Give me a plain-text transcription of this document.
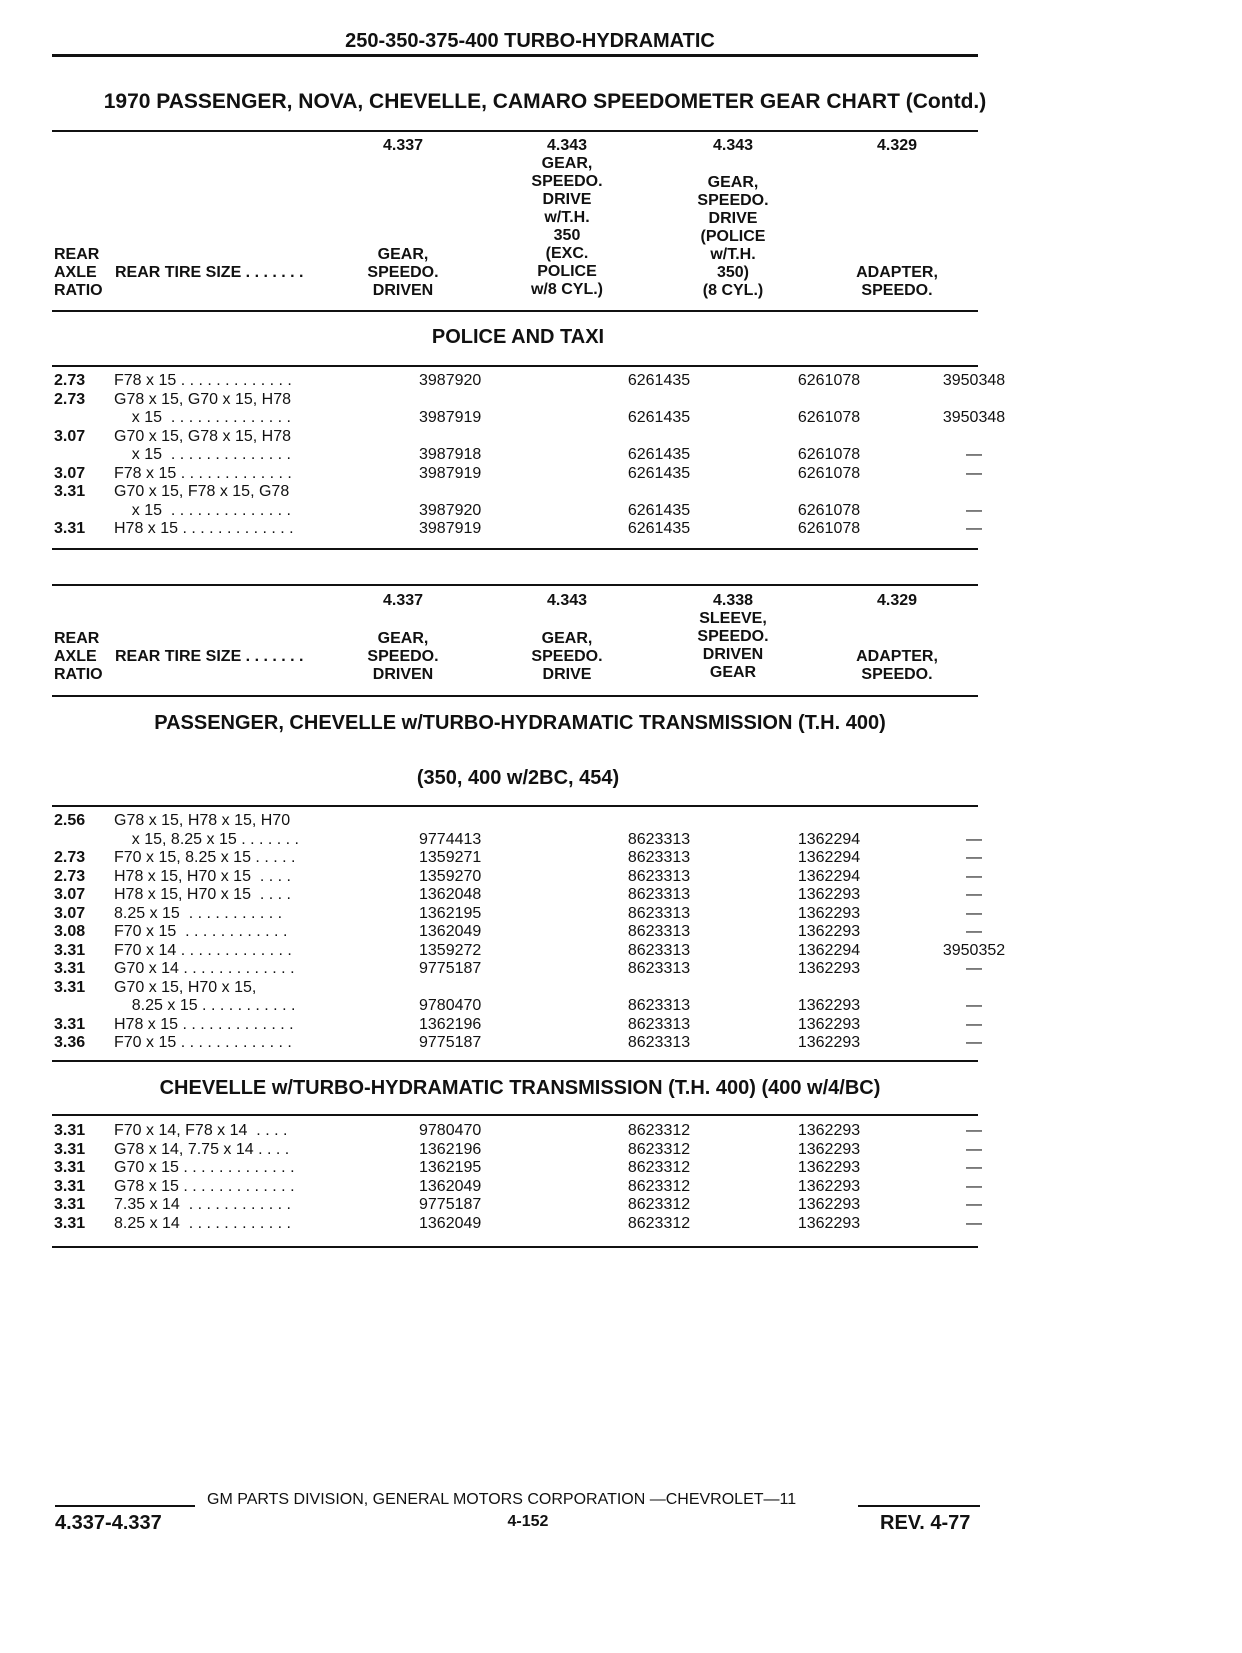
250-350-375-400 TURBO-HYDRAMATIC
1970 PASSENGER, NOVA, CHEVELLE, CAMARO SPEEDOMETER GEAR CHART (Contd.)
REAR
AXLE
RATIO
REAR TIRE SIZE . . . . . . .
4.337
GEAR,
SPEEDO.
DRIVEN
4.343
GEAR,
SPEEDO.
DRIVE
w/T.H.
350
(EXC.
POLICE
w/8 CYL.)
4.343
GEAR,
SPEEDO.
DRIVE
(POLICE
w/T.H.
350)
(8 CYL.)
4.329
ADAPTER,
SPEEDO.
POLICE AND TAXI
2.73	F78 x 15 . . . . . . . . . . . . .	3987920	6261435	6261078	3950348
2.73	G78 x 15, G70 x 15, H78				
	x 15  . . . . . . . . . . . . . .	3987919	6261435	6261078	3950348
3.07	G70 x 15, G78 x 15, H78				
	x 15  . . . . . . . . . . . . . .	3987918	6261435	6261078	—
3.07	F78 x 15 . . . . . . . . . . . . .	3987919	6261435	6261078	—
3.31	G70 x 15, F78 x 15, G78				
	x 15  . . . . . . . . . . . . . .	3987920	6261435	6261078	—
3.31	H78 x 15 . . . . . . . . . . . . .	3987919	6261435	6261078	—
REAR
AXLE
RATIO
REAR TIRE SIZE . . . . . . .
4.337
GEAR,
SPEEDO.
DRIVEN
4.343
GEAR,
SPEEDO.
DRIVE
4.338
SLEEVE,
SPEEDO.
DRIVEN
GEAR
4.329
ADAPTER,
SPEEDO.
PASSENGER, CHEVELLE w/TURBO-HYDRAMATIC TRANSMISSION (T.H. 400)
(350, 400 w/2BC, 454)
2.56	G78 x 15, H78 x 15, H70				
	x 15, 8.25 x 15 . . . . . . .	9774413	8623313	1362294	—
2.73	F70 x 15, 8.25 x 15 . . . . .	1359271	8623313	1362294	—
2.73	H78 x 15, H70 x 15  . . . .	1359270	8623313	1362294	—
3.07	H78 x 15, H70 x 15  . . . .	1362048	8623313	1362293	—
3.07	8.25 x 15  . . . . . . . . . . .	1362195	8623313	1362293	—
3.08	F70 x 15  . . . . . . . . . . . .	1362049	8623313	1362293	—
3.31	F70 x 14 . . . . . . . . . . . . .	1359272	8623313	1362294	3950352
3.31	G70 x 14 . . . . . . . . . . . . .	9775187	8623313	1362293	—
3.31	G70 x 15, H70 x 15,				
	8.25 x 15 . . . . . . . . . . .	9780470	8623313	1362293	—
3.31	H78 x 15 . . . . . . . . . . . . .	1362196	8623313	1362293	—
3.36	F70 x 15 . . . . . . . . . . . . .	9775187	8623313	1362293	—
CHEVELLE w/TURBO-HYDRAMATIC TRANSMISSION (T.H. 400) (400 w/4/BC)
3.31	F70 x 14, F78 x 14  . . . .	9780470	8623312	1362293	—
3.31	G78 x 14, 7.75 x 14 . . . .	1362196	8623312	1362293	—
3.31	G70 x 15 . . . . . . . . . . . . .	1362195	8623312	1362293	—
3.31	G78 x 15 . . . . . . . . . . . . .	1362049	8623312	1362293	—
3.31	7.35 x 14  . . . . . . . . . . . .	9775187	8623312	1362293	—
3.31	8.25 x 14  . . . . . . . . . . . .	1362049	8623312	1362293	—
GM PARTS DIVISION, GENERAL MOTORS CORPORATION —CHEVROLET—11
4.337-4.337	4-152	REV. 4-77
